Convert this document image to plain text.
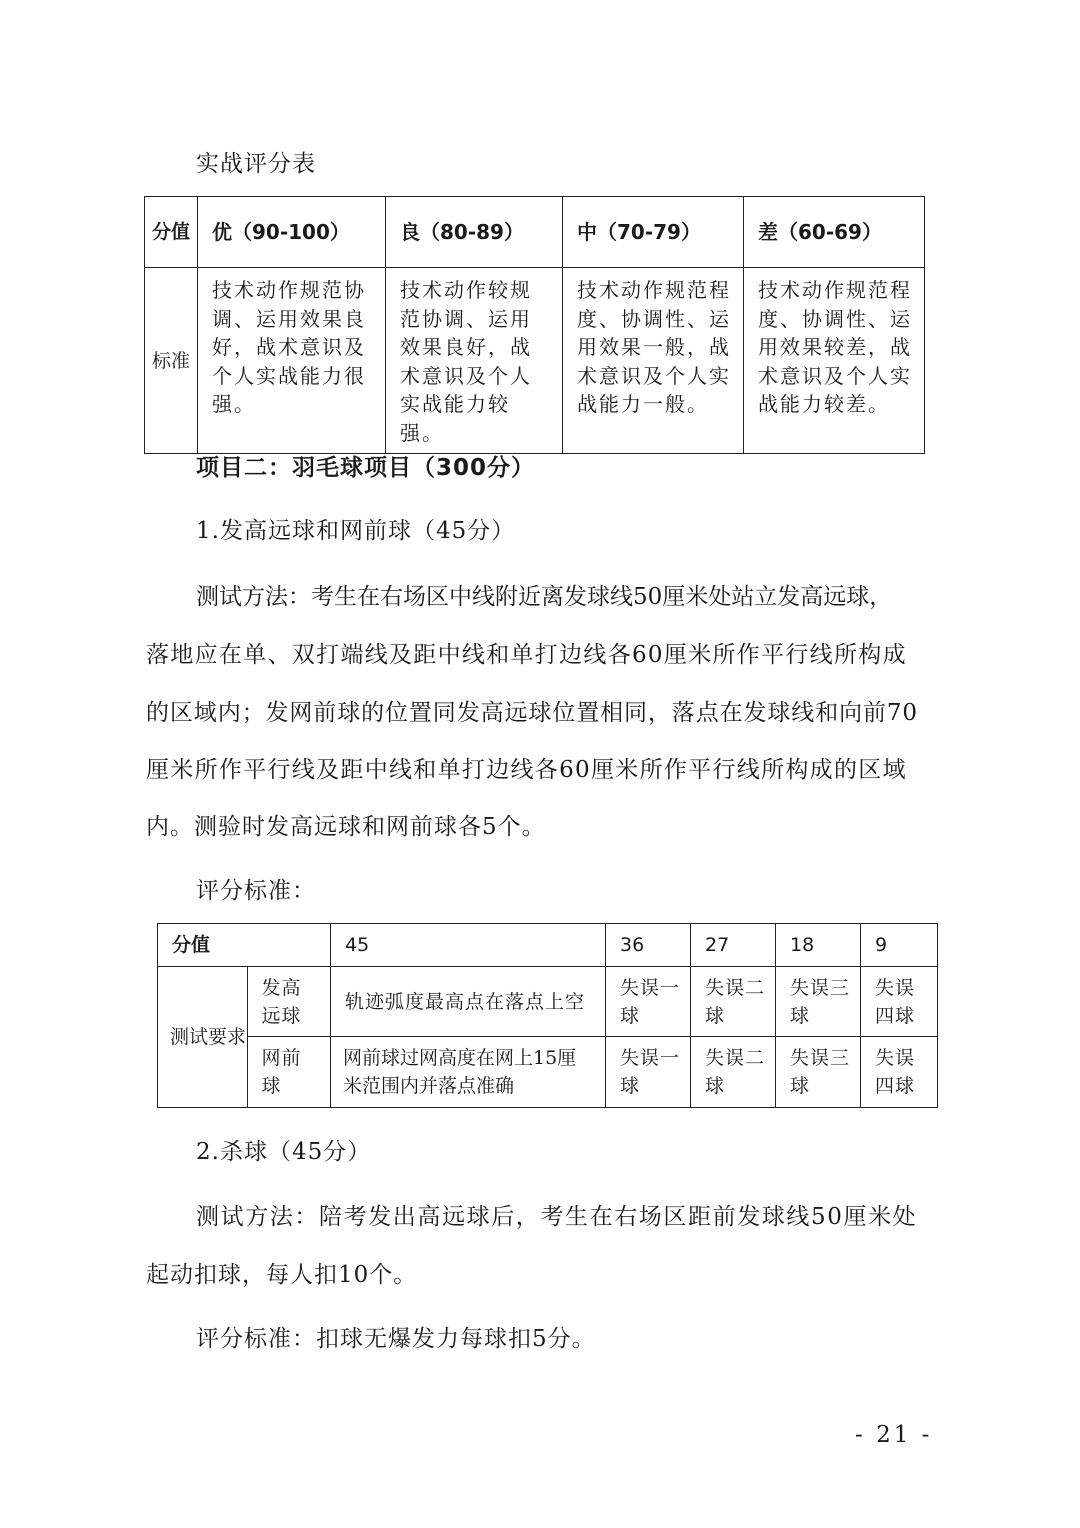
实战评分表
分值	优（90-100）	良（80-89）	中（70-79）	差（60-69）
标准	技术动作规范协调、运用效果良好，战术意识及个人实战能力很强。	技术动作较规范协调、运用效果良好，战术意识及个人实战能力较强。	技术动作规范程度、协调性、运用效果一般，战术意识及个人实战能力一般。	技术动作规范程度、协调性、运用效果较差，战术意识及个人实战能力较差。
项目二：羽毛球项目（300分）
1.发高远球和网前球（45分）
测试方法：考生在右场区中线附近离发球线50厘米处站立发高远球，
落地应在单、双打端线及距中线和单打边线各60厘米所作平行线所构成
的区域内；发网前球的位置同发高远球位置相同，落点在发球线和向前70
厘米所作平行线及距中线和单打边线各60厘米所作平行线所构成的区域
内。测验时发高远球和网前球各5个。
评分标准：
分值		45	36	27	18	9
测试要求	发高远球	轨迹弧度最高点在落点上空	失误一球	失误二球	失误三球	失误四球
	网前球	网前球过网高度在网上15厘米范围内并落点准确	失误一球	失误二球	失误三球	失误四球
2.杀球（45分）
测试方法：陪考发出高远球后，考生在右场区距前发球线50厘米处
起动扣球，每人扣10个。
评分标准：扣球无爆发力每球扣5分。
- 21 -
